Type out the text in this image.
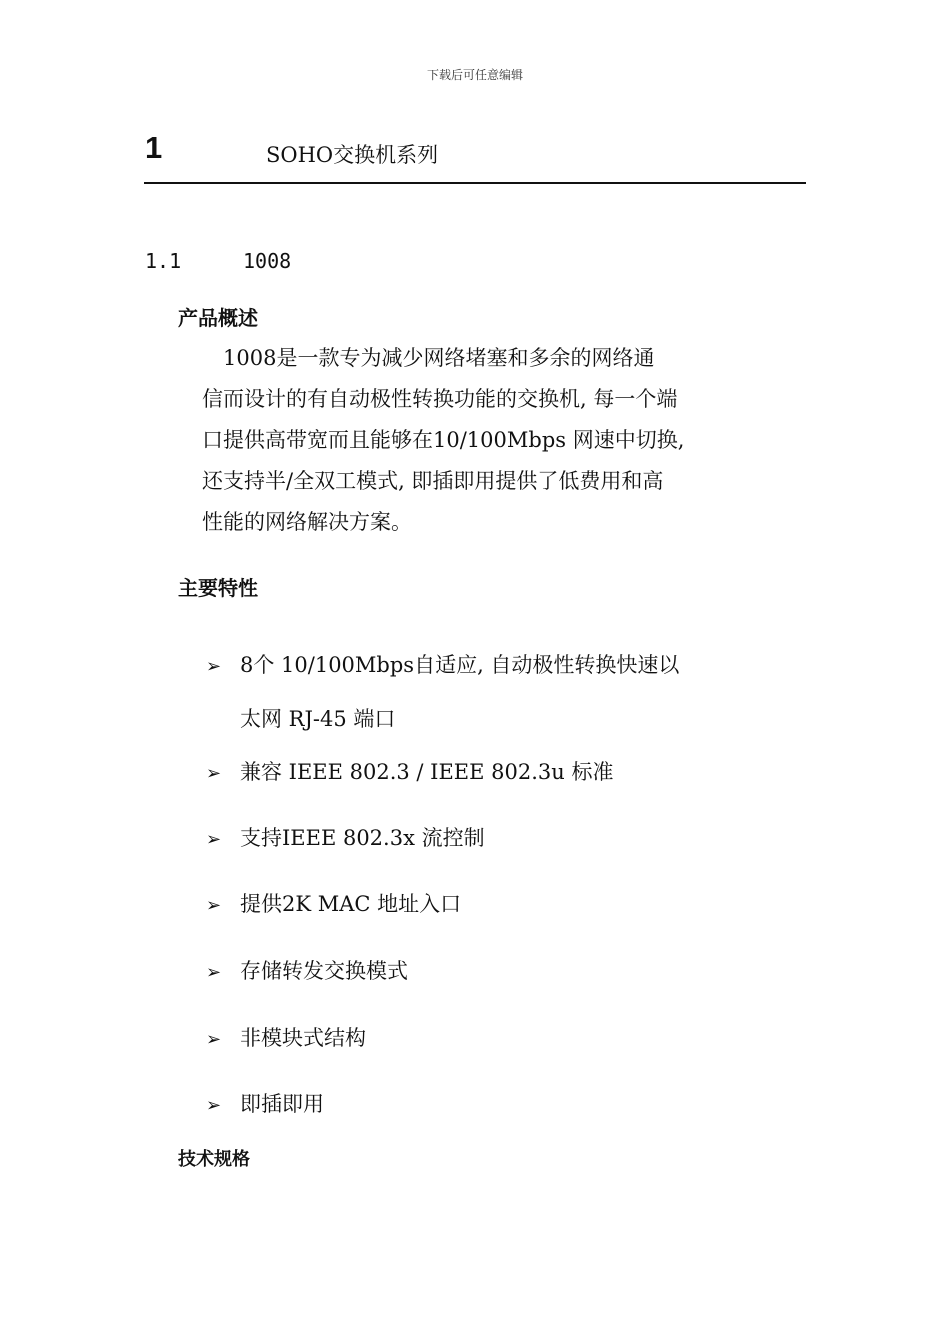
下载后可任意编辑
1	SOHO交换机系列
1.1	1008
产品概述
　1008是一款专为减少网络堵塞和多余的网络通
信而设计的有自动极性转换功能的交换机, 每一个端
口提供高带宽而且能够在10/100Mbps 网速中切换,
还支持半/全双工模式, 即插即用提供了低费用和高
性能的网络解决方案。
主要特性
➢ 8个 10/100Mbps自适应, 自动极性转换快速以
太网 RJ-45 端口
➢ 兼容 IEEE 802.3 / IEEE 802.3u 标准
➢ 支持IEEE 802.3x 流控制
➢ 提供2K MAC 地址入口
➢ 存储转发交换模式
➢ 非模块式结构
➢ 即插即用
技术规格
